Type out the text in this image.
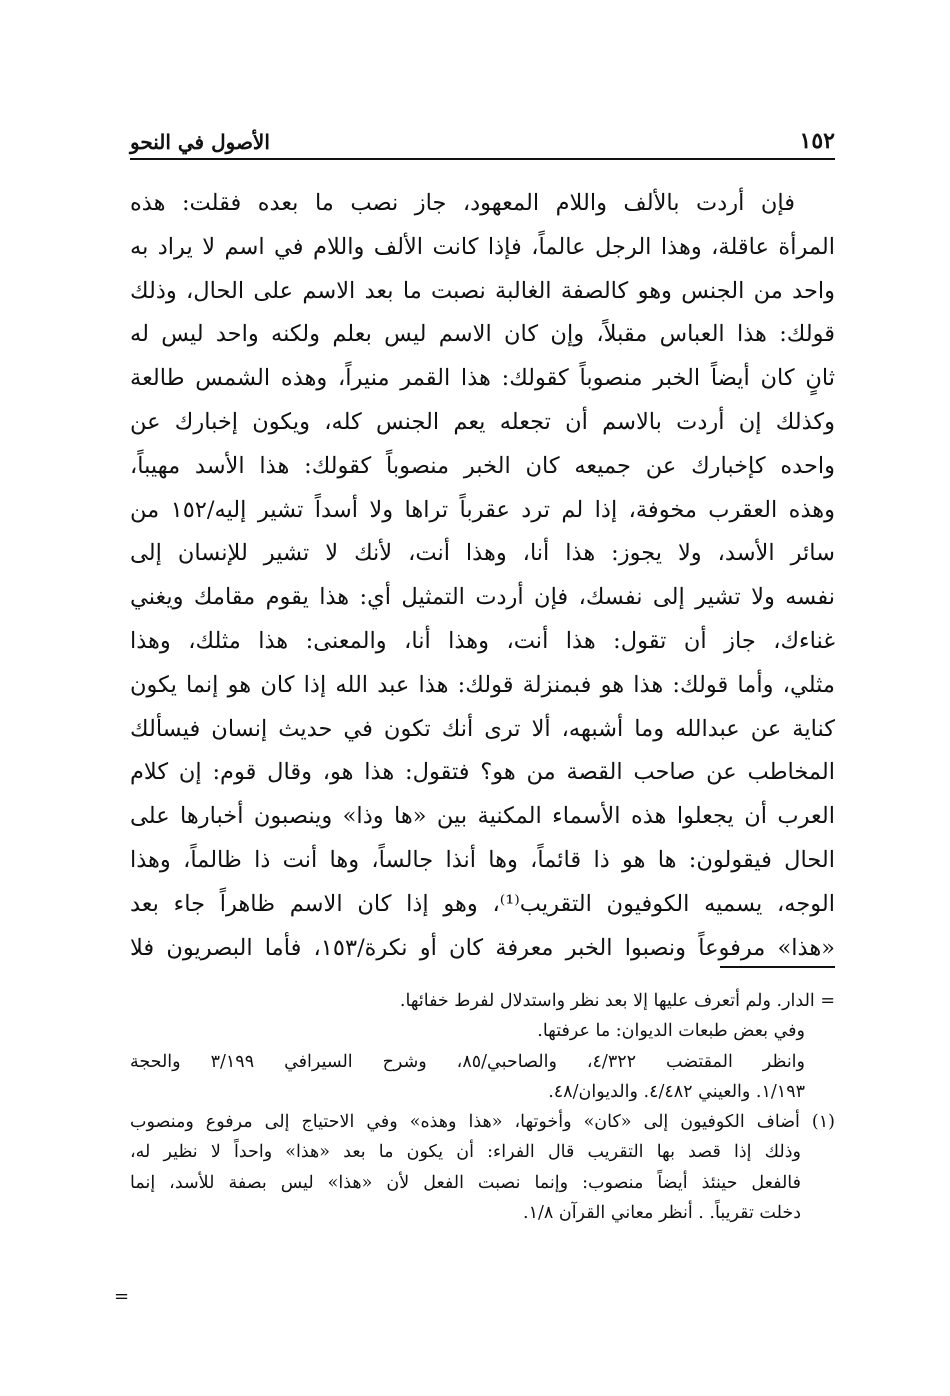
١٥٢
الأصول في النحو
فإن أردت بالألف واللام المعهود، جاز نصب ما بعده فقلت: هذه
المرأة عاقلة، وهذا الرجل عالماً، فإذا كانت الألف واللام في اسم لا يراد به
واحد من الجنس وهو كالصفة الغالبة نصبت ما بعد الاسم على الحال، وذلك
قولك: هذا العباس مقبلاً، وإن كان الاسم ليس بعلم ولكنه واحد ليس له
ثانٍ كان أيضاً الخبر منصوباً كقولك: هذا القمر منيراً، وهذه الشمس طالعة
وكذلك إن أردت بالاسم أن تجعله يعم الجنس كله، ويكون إخبارك عن
واحده كإخبارك عن جميعه كان الخبر منصوباً كقولك: هذا الأسد مهيباً،
وهذه العقرب مخوفة، إذا لم ترد عقرباً تراها ولا أسداً تشير إليه/١٥٢ من
سائر الأسد، ولا يجوز: هذا أنا، وهذا أنت، لأنك لا تشير للإنسان إلى
نفسه ولا تشير إلى نفسك، فإن أردت التمثيل أي: هذا يقوم مقامك ويغني
غناءك، جاز أن تقول: هذا أنت، وهذا أنا، والمعنى: هذا مثلك، وهذا
مثلي، وأما قولك: هذا هو فبمنزلة قولك: هذا عبد الله إذا كان هو إنما يكون
كناية عن عبدالله وما أشبهه، ألا ترى أنك تكون في حديث إنسان فيسألك
المخاطب عن صاحب القصة من هو؟ فتقول: هذا هو، وقال قوم: إن كلام
العرب أن يجعلوا هذه الأسماء المكنية بين «ها وذا» وينصبون أخبارها على
الحال فيقولون: ها هو ذا قائماً، وها أنذا جالساً، وها أنت ذا ظالماً، وهذا
الوجه، يسميه الكوفيون التقريب⁽¹⁾، وهو إذا كان الاسم ظاهراً جاء بعد
«هذا» مرفوعاً ونصبوا الخبر معرفة كان أو نكرة/١٥٣، فأما البصريون فلا
= الدار. ولم أتعرف عليها إلا بعد نظر واستدلال لفرط خفائها.
وفي بعض طبعات الديوان: ما عرفتها.
وانظر المقتضب ٤/٣٢٢، والصاحبي/٨٥، وشرح السيرافي ٣/١٩٩ والحجة
١/١٩٣. والعيني ٤/٤٨٢. والديوان/٤٨.
(١) أضاف الكوفيون إلى «كان» وأخوتها، «هذا وهذه» وفي الاحتياج إلى مرفوع ومنصوب
وذلك إذا قصد بها التقريب قال الفراء: أن يكون ما بعد «هذا» واحداً لا نظير له،
فالفعل حينئذ أيضاً منصوب: وإنما نصبت الفعل لأن «هذا» ليس بصفة للأسد، إنما
دخلت تقريباً. . أنظر معاني القرآن ١/٨.
=
